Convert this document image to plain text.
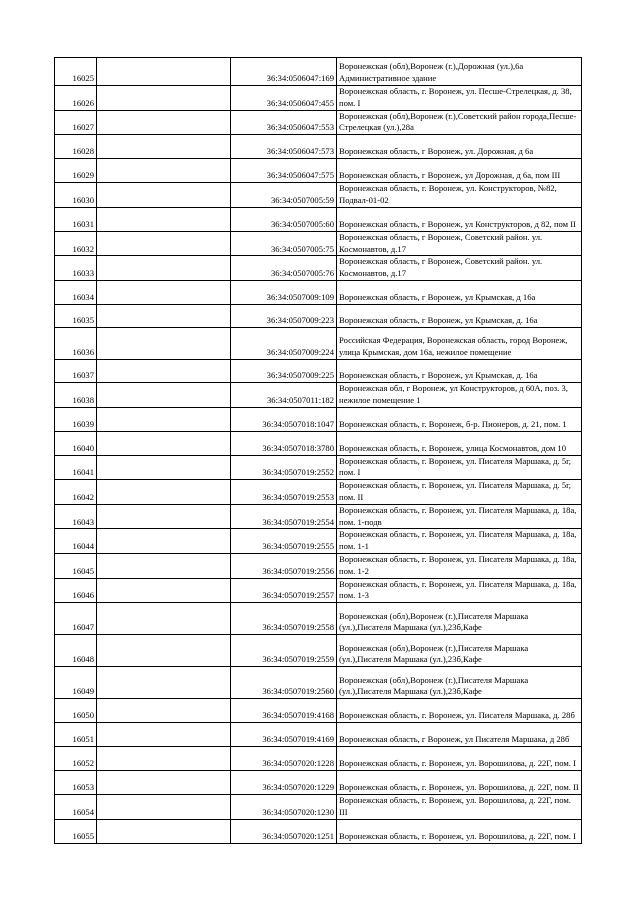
16025		36:34:0506047:169	Воронежская (обл),Воронеж (г.),Дорожная (ул.),6а Административное здание
16026		36:34:0506047:455	Воронежская область, г. Воронеж, ул. Песше-Стрелецкая, д. 38, пом. I
16027		36:34:0506047:553	Воронежская (обл),Воронеж (г.),Советский район города,Песше-Стрелецкая (ул.),28а
16028		36:34:0506047:573	Воронежская область, г Воронеж, ул. Дорожная, д 6а
16029		36:34:0506047:575	Воронежская область, г Воронеж, ул Дорожная, д 6а, пом III
16030		36:34:0507005:59	Воронежская область, г. Воронеж, ул. Конструкторов, №82, Подвал-01-02
16031		36:34:0507005:60	Воронежская область, г Воронеж, ул Конструкторов, д 82, пом II
16032		36:34:0507005:75	Воронежская область, г Воронеж, Советский район. ул. Космонавтов, д.17
16033		36:34:0507005:76	Воронежская область, г Воронеж, Советский район. ул. Космонавтов, д.17
16034		36:34:0507009:109	Воронежская область, г Воронеж, ул Крымская, д 16а
16035		36:34:0507009:223	Воронежская область, г Воронеж, ул Крымская, д. 16а
16036		36:34:0507009:224	Российская Федерация, Воронежская область, город Воронеж, улица Крымская, дом 16а, нежилое помещение
16037		36:34:0507009:225	Воронежская область, г Воронеж, ул Крымская, д. 16а
16038		36:34:0507011:182	Воронежская обл, г Воронеж, ул Конструкторов, д 60А, поз. 3, нежилое помещение 1
16039		36:34:0507018:1047	Воронежская область, г. Воронеж, б-р. Пионеров, д. 21, пом. 1
16040		36:34:0507018:3780	Воронежская область, г. Воронеж, улица Космонавтов, дом 10
16041		36:34:0507019:2552	Воронежская область, г. Воронеж, ул. Писателя Маршака, д. 5г, пом. I
16042		36:34:0507019:2553	Воронежская область, г. Воронеж, ул. Писателя Маршака, д. 5г, пом. II
16043		36:34:0507019:2554	Воронежская область, г. Воронеж, ул. Писателя Маршака, д. 18а, пом. 1-подв
16044		36:34:0507019:2555	Воронежская область, г. Воронеж, ул. Писателя Маршака, д. 18а, пом. 1-1
16045		36:34:0507019:2556	Воронежская область, г. Воронеж, ул. Писателя Маршака, д. 18а, пом. 1-2
16046		36:34:0507019:2557	Воронежская область, г. Воронеж, ул. Писателя Маршака, д. 18а, пом. 1-3
16047		36:34:0507019:2558	Воронежская (обл),Воронеж (г.),Писателя Маршака (ул.),Писателя Маршака (ул.),23б,Кафе
16048		36:34:0507019:2559	Воронежская (обл),Воронеж (г.),Писателя Маршака (ул.),Писателя Маршака (ул.),23б,Кафе
16049		36:34:0507019:2560	Воронежская (обл),Воронеж (г.),Писателя Маршака (ул.),Писателя Маршака (ул.),23б,Кафе
16050		36:34:0507019:4168	Воронежская область, г. Воронеж, ул. Писателя Маршака, д. 28б
16051		36:34:0507019:4169	Воронежская область, г Воронеж, ул Писателя Маршака, д 28б
16052		36:34:0507020:1228	Воронежская область, г. Воронеж, ул. Ворошилова, д. 22Г, пом. I
16053		36:34:0507020:1229	Воронежская область, г. Воронеж, ул. Ворошилова, д. 22Г, пом. II
16054		36:34:0507020:1230	Воронежская область, г. Воронеж, ул. Ворошилова, д. 22Г, пом. III
16055		36:34:0507020:1251	Воронежская область, г. Воронеж, ул. Ворошилова, д. 22Г, пом. I
